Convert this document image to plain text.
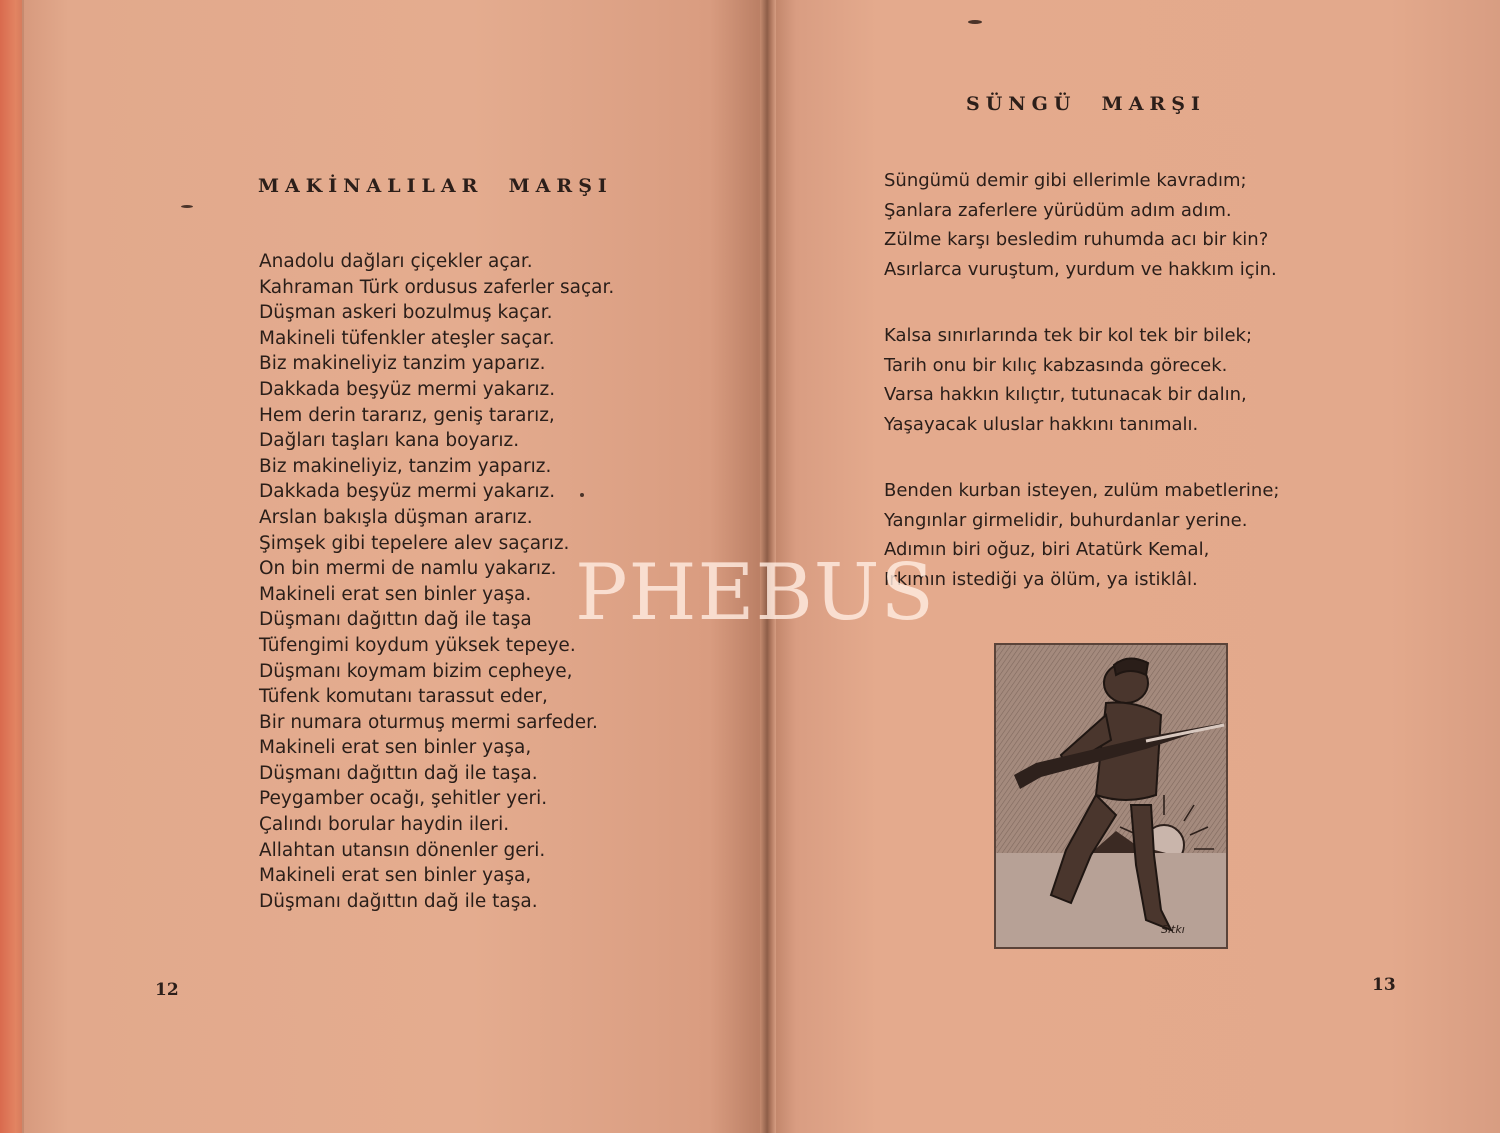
MAKİNALILAR  MARŞI
Anadolu dağları çiçekler açar.
Kahraman Türk ordusus zaferler saçar.
Düşman askeri bozulmuş kaçar.
Makineli tüfenkler ateşler saçar.
Biz makineliyiz tanzim yaparız.
Dakkada beşyüz mermi yakarız.
Hem derin tararız, geniş tararız,
Dağları taşları kana boyarız.
Biz makineliyiz, tanzim yaparız.
Dakkada beşyüz mermi yakarız.
Arslan bakışla düşman ararız.
Şimşek gibi tepelere alev saçarız.
On bin mermi de namlu yakarız.
Makineli erat sen binler yaşa.
Düşmanı dağıttın dağ ile taşa
Tüfengimi koydum yüksek tepeye.
Düşmanı koymam bizim cepheye,
Tüfenk komutanı tarassut eder,
Bir numara oturmuş mermi sarfeder.
Makineli erat sen binler yaşa,
Düşmanı dağıttın dağ ile taşa.
Peygamber ocağı, şehitler yeri.
Çalındı borular haydin ileri.
Allahtan utansın dönenler geri.
Makineli erat sen binler yaşa,
Düşmanı dağıttın dağ ile taşa.
12
SÜNGÜ  MARŞI
Süngümü demir gibi ellerimle kavradım;
Şanlara zaferlere yürüdüm adım adım.
Zülme karşı besledim ruhumda acı bir kin?
Asırlarca vuruştum, yurdum ve hakkım için.
Kalsa sınırlarında tek bir kol tek bir bilek;
Tarih onu bir kılıç kabzasında görecek.
Varsa hakkın kılıçtır, tutunacak bir dalın,
Yaşayacak uluslar hakkını tanımalı.
Benden kurban isteyen, zulüm mabetlerine;
Yangınlar girmelidir, buhurdanlar yerine.
Adımın biri oğuz, biri Atatürk Kemal,
Irkımın istediği ya ölüm, ya istiklâl.
Sıtkı
13
PHEBUS
